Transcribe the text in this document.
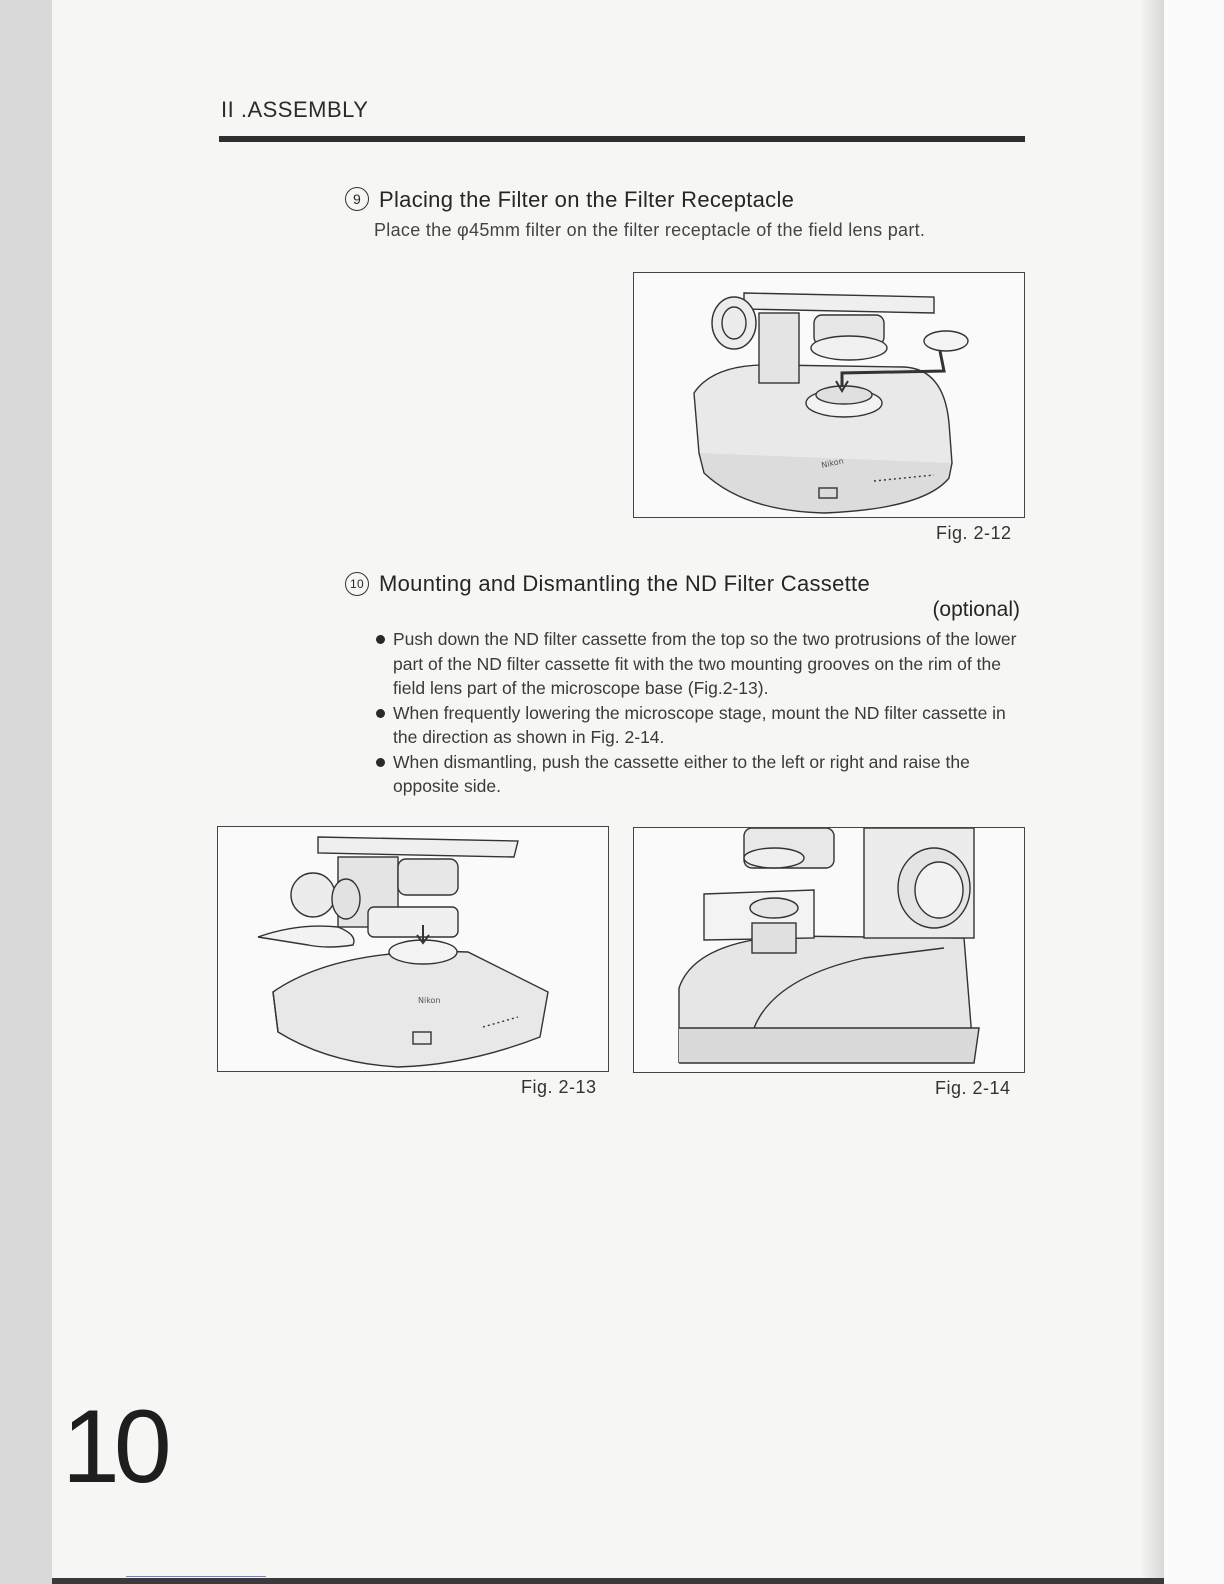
II .ASSEMBLY
9 Placing the Filter on the Filter Receptacle
Place the φ45mm filter on the filter receptacle of the field lens part.
Nikon
Fig. 2-12
10 Mounting and Dismantling the ND Filter Cassette
(optional)
Push down the ND filter cassette from the top so the two protrusions of the lower part of the ND filter cassette fit with the two mounting grooves on the rim of the field lens part of the microscope base (Fig.2-13).
When frequently lowering the microscope stage, mount the ND filter cassette in the direction as shown in Fig. 2-14.
When dismantling, push the cassette either to the left or right and raise the opposite side.
Nikon
Fig. 2-13	Fig. 2-14
10
